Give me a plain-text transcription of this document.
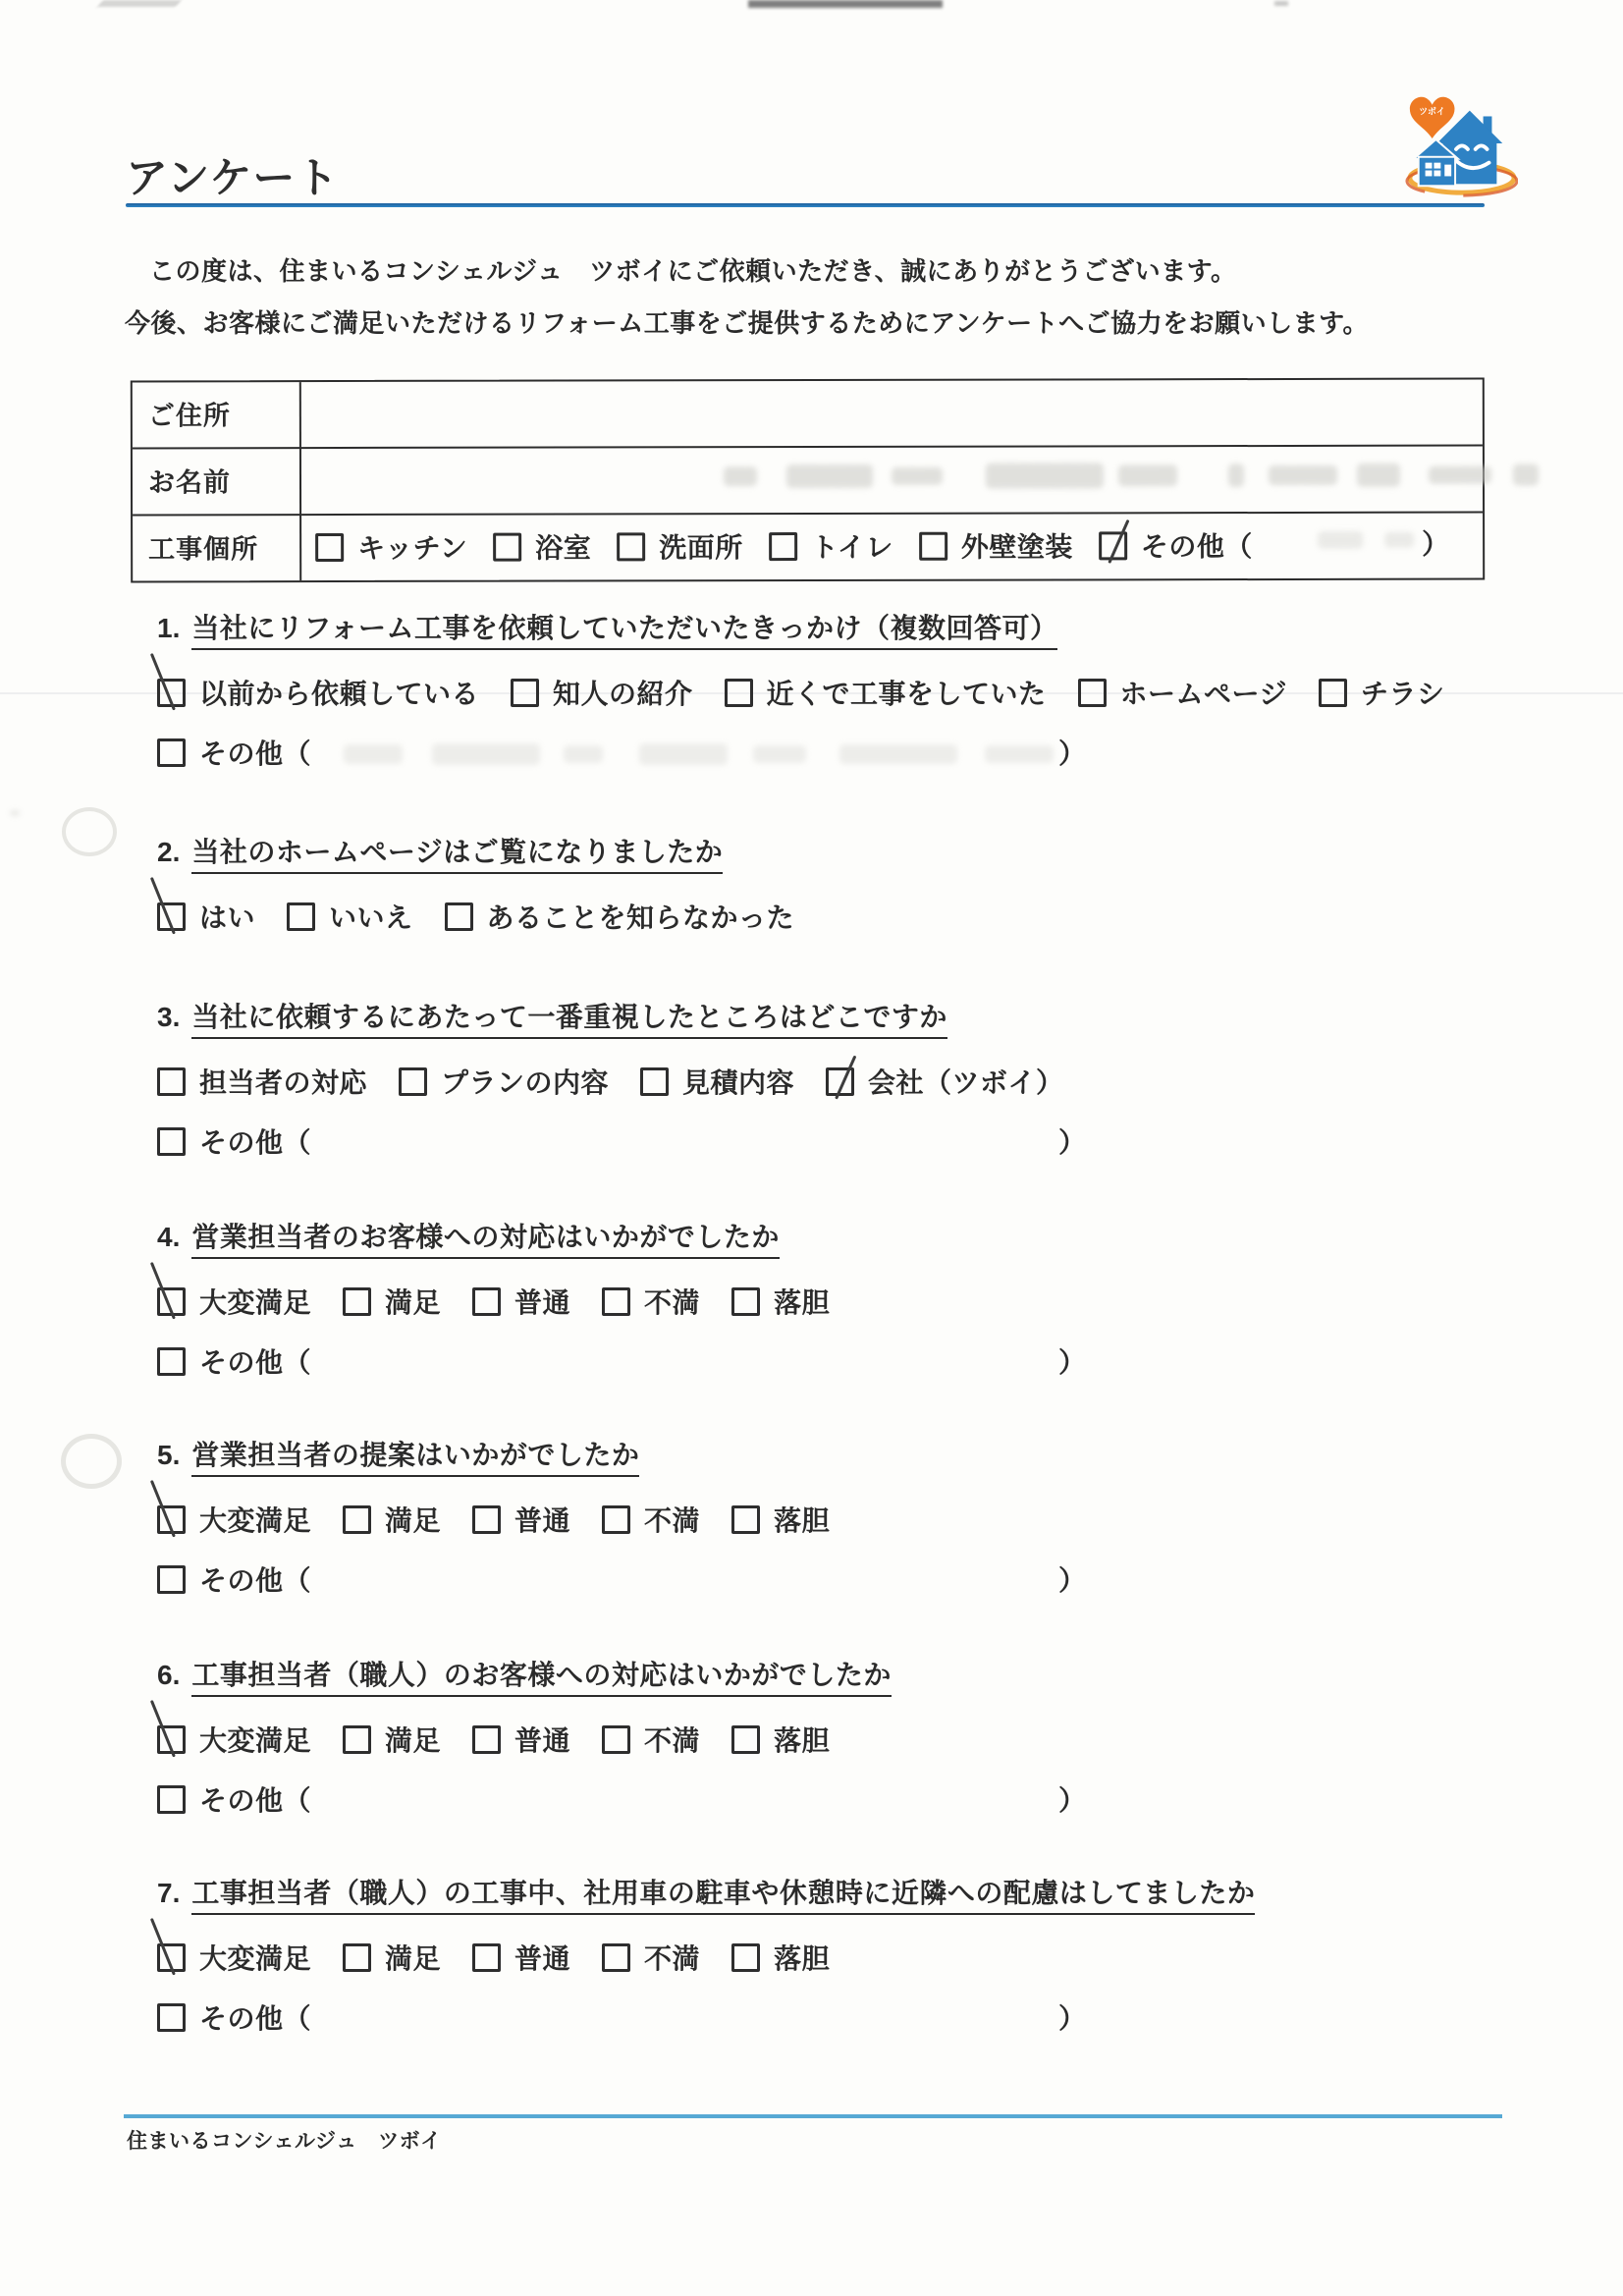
アンケート
ツボイ

この度は、住まいるコンシェルジュ　ツボイにご依頼いただき、誠にありがとうございます。

今後、お客様にご満足いただけるリフォーム工事をご提供するためにアンケートへご協力をお願いします。

ご住所
お名前

工事個所	キッチン 浴室 洗面所 トイレ 外壁塗装 その他（	）

1. 当社にリフォーム工事を依頼していただいたきっかけ（複数回答可）
以前から依頼している	知人の紹介	近くで工事をしていた	ホームページ	チラシ
その他（	）

2. 当社のホームページはご覧になりましたか
はい	いいえ	あることを知らなかった
3. 当社に依頼するにあたって一番重視したところはどこですか
担当者の対応	プランの内容	見積内容	会社（ツボイ）
その他（	）
4. 営業担当者のお客様への対応はいかがでしたか
大変満足	満足	普通	不満	落胆
その他（	）
5. 営業担当者の提案はいかがでしたか
大変満足	満足	普通	不満	落胆
その他（	）
6. 工事担当者（職人）のお客様への対応はいかがでしたか
大変満足	満足	普通	不満	落胆
その他（	）
7. 工事担当者（職人）の工事中、社用車の駐車や休憩時に近隣への配慮はしてましたか
大変満足	満足	普通	不満	落胆
その他（	）
住まいるコンシェルジュ　ツボイ
